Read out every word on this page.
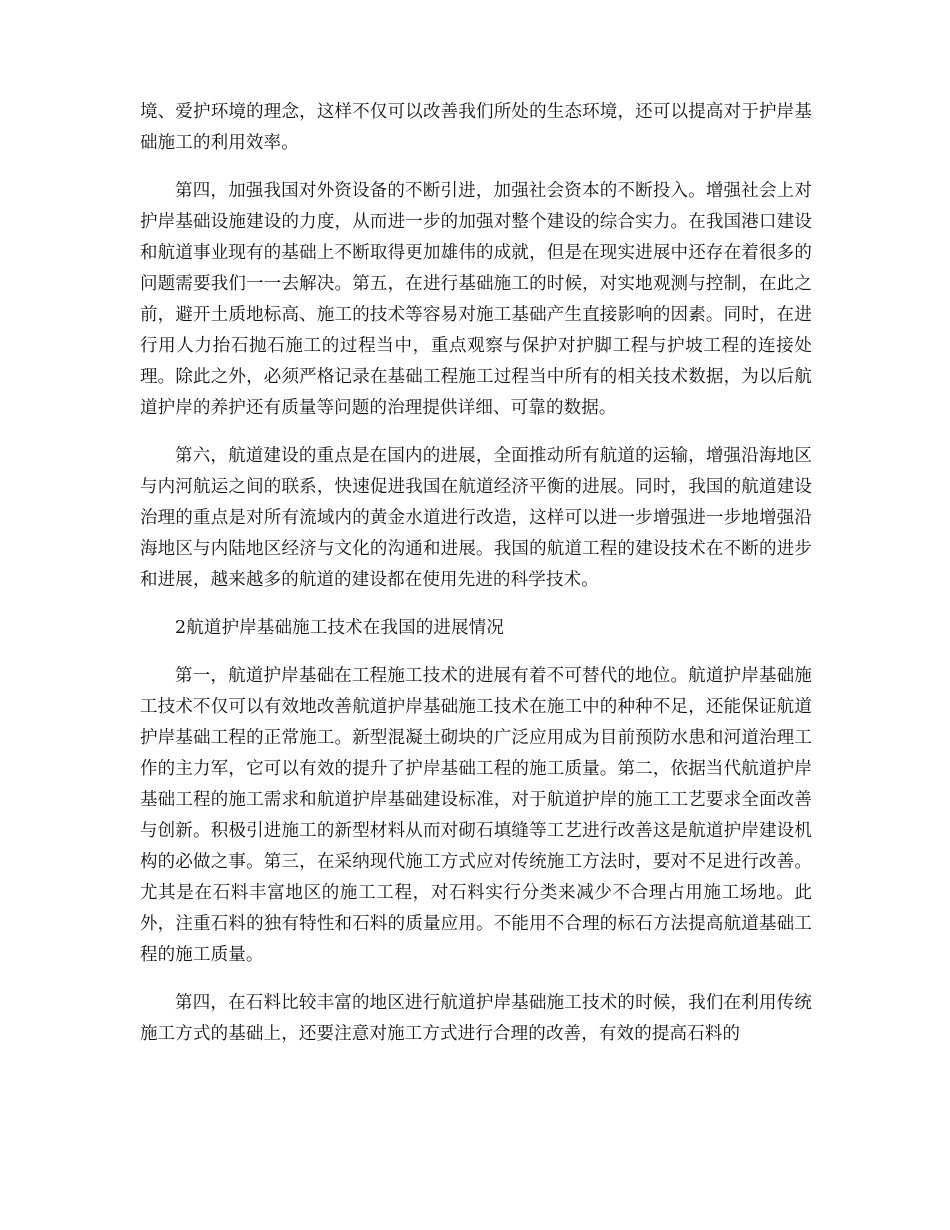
境、爱护环境的理念，这样不仅可以改善我们所处的生态环境，还可以提高对于护岸基础施工的利用效率。

第四，加强我国对外资设备的不断引进，加强社会资本的不断投入。增强社会上对护岸基础设施建设的力度，从而进一步的加强对整个建设的综合实力。在我国港口建设和航道事业现有的基础上不断取得更加雄伟的成就，但是在现实进展中还存在着很多的问题需要我们一一去解决。第五，在进行基础施工的时候，对实地观测与控制，在此之前，避开土质地标高、施工的技术等容易对施工基础产生直接影响的因素。同时，在进行用人力抬石抛石施工的过程当中，重点观察与保护对护脚工程与护坡工程的连接处理。除此之外，必须严格记录在基础工程施工过程当中所有的相关技术数据，为以后航道护岸的养护还有质量等问题的治理提供详细、可靠的数据。

第六，航道建设的重点是在国内的进展，全面推动所有航道的运输，增强沿海地区与内河航运之间的联系，快速促进我国在航道经济平衡的进展。同时，我国的航道建设治理的重点是对所有流域内的黄金水道进行改造，这样可以进一步增强进一步地增强沿海地区与内陆地区经济与文化的沟通和进展。我国的航道工程的建设技术在不断的进步和进展，越来越多的航道的建设都在使用先进的科学技术。

2航道护岸基础施工技术在我国的进展情况

第一，航道护岸基础在工程施工技术的进展有着不可替代的地位。航道护岸基础施工技术不仅可以有效地改善航道护岸基础施工技术在施工中的种种不足，还能保证航道护岸基础工程的正常施工。新型混凝土砌块的广泛应用成为目前预防水患和河道治理工作的主力军，它可以有效的提升了护岸基础工程的施工质量。第二，依据当代航道护岸基础工程的施工需求和航道护岸基础建设标准，对于航道护岸的施工工艺要求全面改善与创新。积极引进施工的新型材料从而对砌石填缝等工艺进行改善这是航道护岸建设机构的必做之事。第三，在采纳现代施工方式应对传统施工方法时，要对不足进行改善。尤其是在石料丰富地区的施工工程，对石料实行分类来减少不合理占用施工场地。此外，注重石料的独有特性和石料的质量应用。不能用不合理的标石方法提高航道基础工程的施工质量。

第四，在石料比较丰富的地区进行航道护岸基础施工技术的时候，我们在利用传统施工方式的基础上，还要注意对施工方式进行合理的改善，有效的提高石料的
